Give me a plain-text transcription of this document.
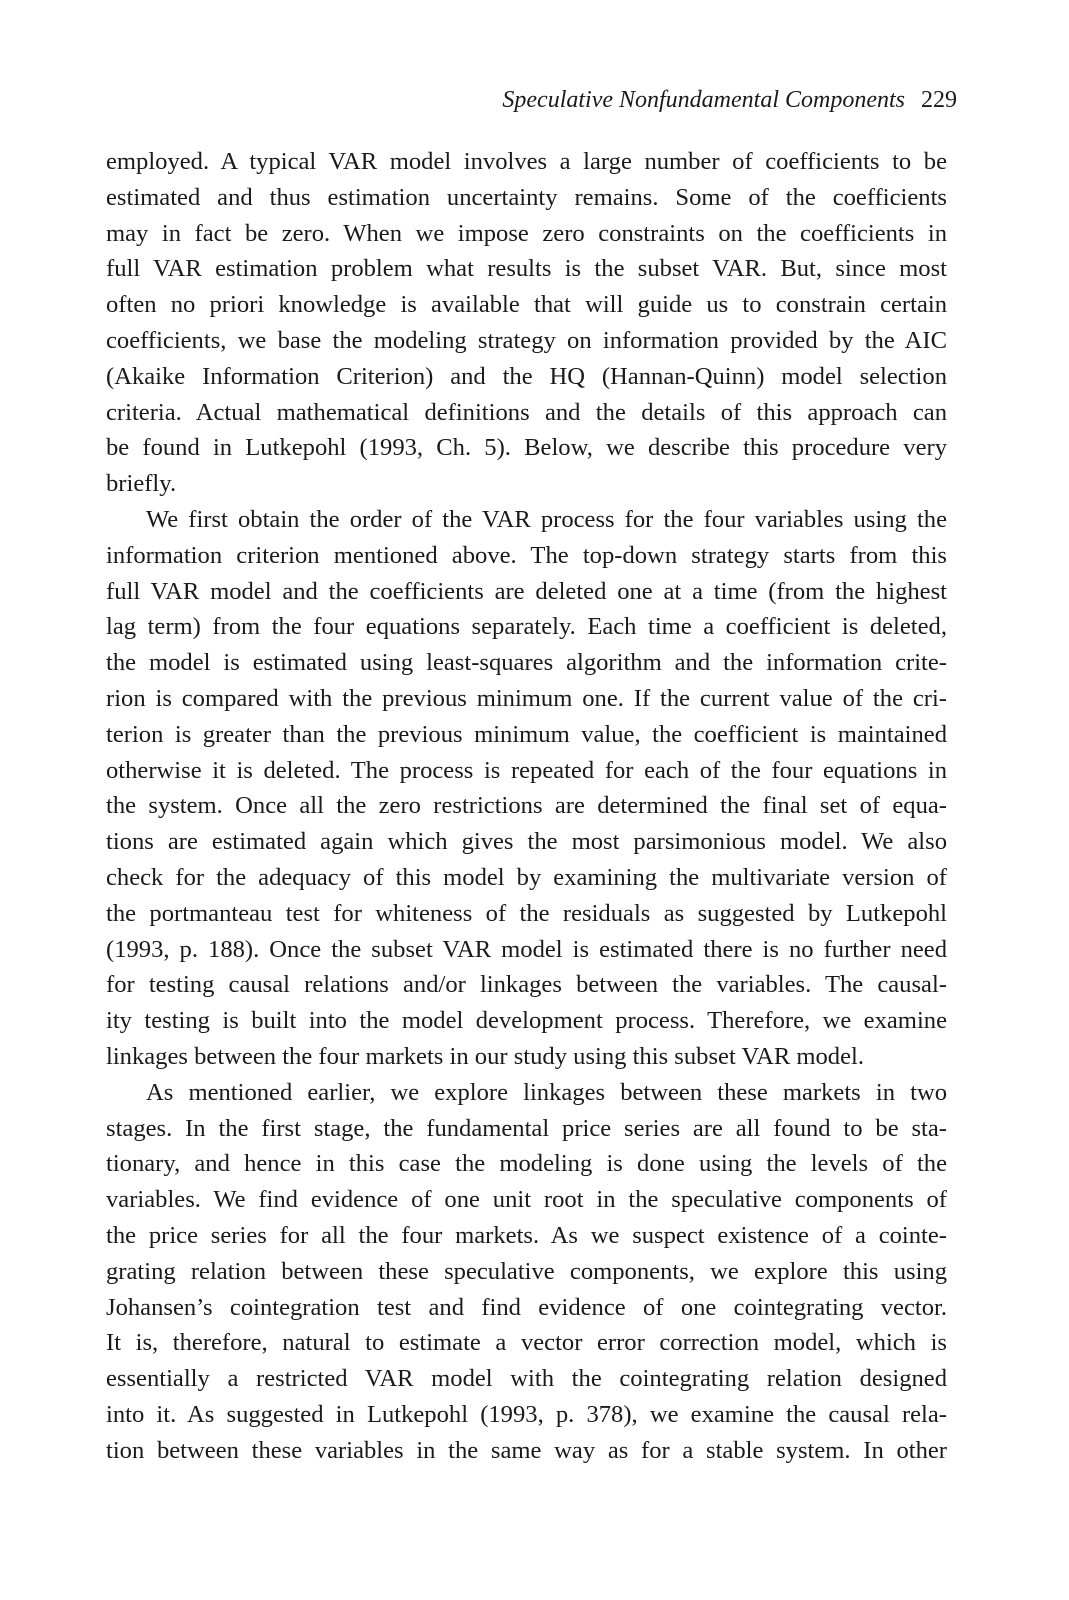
Speculative Nonfundamental Components 229
employed. A typical VAR model involves a large number of coefficients to be
estimated and thus estimation uncertainty remains. Some of the coefficients
may in fact be zero. When we impose zero constraints on the coefficients in
full VAR estimation problem what results is the subset VAR. But, since most
often no priori knowledge is available that will guide us to constrain certain
coefficients, we base the modeling strategy on information provided by the AIC
(Akaike Information Criterion) and the HQ (Hannan-Quinn) model selection
criteria. Actual mathematical definitions and the details of this approach can
be found in Lutkepohl (1993, Ch. 5). Below, we describe this procedure very
briefly.
We first obtain the order of the VAR process for the four variables using the
information criterion mentioned above. The top-down strategy starts from this
full VAR model and the coefficients are deleted one at a time (from the highest
lag term) from the four equations separately. Each time a coefficient is deleted,
the model is estimated using least-squares algorithm and the information crite-
rion is compared with the previous minimum one. If the current value of the cri-
terion is greater than the previous minimum value, the coefficient is maintained
otherwise it is deleted. The process is repeated for each of the four equations in
the system. Once all the zero restrictions are determined the final set of equa-
tions are estimated again which gives the most parsimonious model. We also
check for the adequacy of this model by examining the multivariate version of
the portmanteau test for whiteness of the residuals as suggested by Lutkepohl
(1993, p. 188). Once the subset VAR model is estimated there is no further need
for testing causal relations and/or linkages between the variables. The causal-
ity testing is built into the model development process. Therefore, we examine
linkages between the four markets in our study using this subset VAR model.
As mentioned earlier, we explore linkages between these markets in two
stages. In the first stage, the fundamental price series are all found to be sta-
tionary, and hence in this case the modeling is done using the levels of the
variables. We find evidence of one unit root in the speculative components of
the price series for all the four markets. As we suspect existence of a cointe-
grating relation between these speculative components, we explore this using
Johansen’s cointegration test and find evidence of one cointegrating vector.
It is, therefore, natural to estimate a vector error correction model, which is
essentially a restricted VAR model with the cointegrating relation designed
into it. As suggested in Lutkepohl (1993, p. 378), we examine the causal rela-
tion between these variables in the same way as for a stable system. In other
